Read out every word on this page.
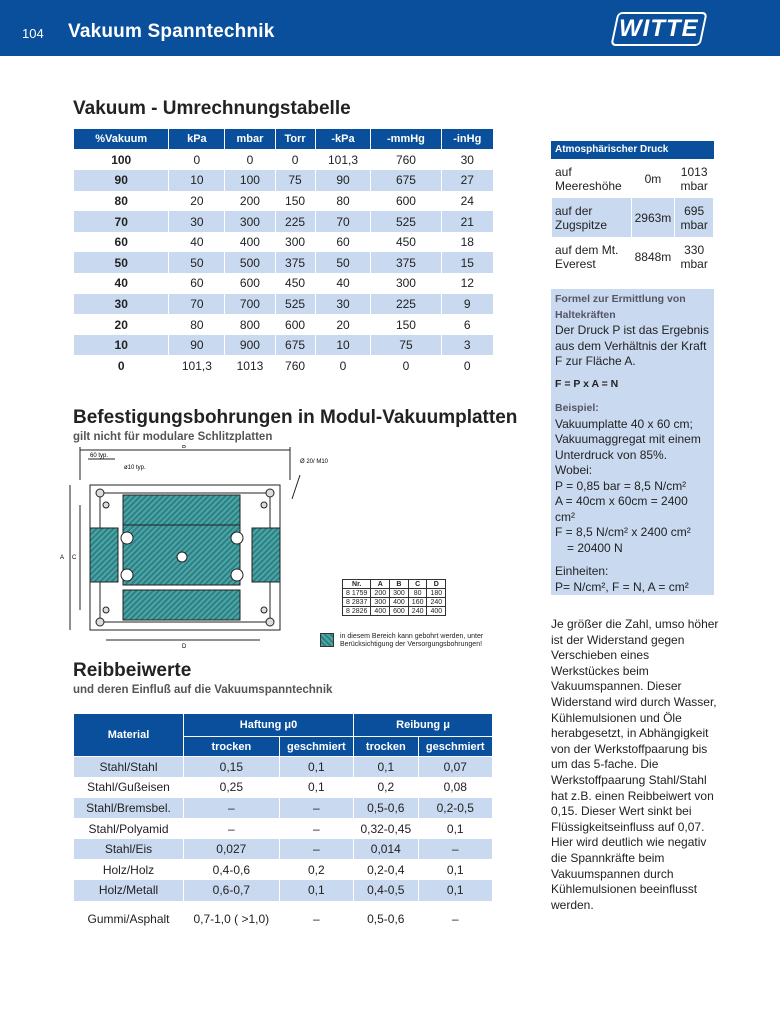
104 Vakuum Spanntechnik	WITTE
Vakuum - Umrechnungstabelle
%Vakuum	kPa	mbar	Torr	-kPa	-mmHg	-inHg
100	0	0	0	101,3	760	30
90	10	100	75	90	675	27
80	20	200	150	80	600	24
70	30	300	225	70	525	21
60	40	400	300	60	450	18
50	50	500	375	50	375	15
40	60	600	450	40	300	12
30	70	700	525	30	225	9
20	80	800	600	20	150	6
10	90	900	675	10	75	3
0	101,3	1013	760	0	0	0
Atmosphärischer Druck
auf Meereshöhe	0m	1013 mbar
auf der Zugspitze	2963m	695 mbar
auf dem Mt. Everest	8848m	330 mbar
Formel zur Ermittlung von Haltekräften
Der Druck P ist das Ergebnis aus dem Verhältnis der Kraft F zur Fläche A.
F = P x A = N
Beispiel:
Vakuumplatte 40 x 60 cm; Vakuumaggregat mit einem Unterdruck von 85%.
Wobei:
P = 0,85 bar = 8,5 N/cm²
A = 40cm x 60cm = 2400 cm²
F = 8,5 N/cm² x 2400 cm²
= 20400 N
Einheiten:
P= N/cm², F = N, A = cm²
Je größer die Zahl, umso höher ist der Widerstand gegen Verschieben eines Werkstückes beim Vakuumspannen. Dieser Widerstand wird durch Wasser, Kühlemulsionen und Öle herabgesetzt, in Abhängigkeit von der Werkstoffpaarung bis um das 5-fache. Die Werkstoffpaarung Stahl/Stahl hat z.B. einen Reibbeiwert von 0,15. Dieser Wert sinkt bei Flüssigkeitseinfluss auf 0,07. Hier wird deutlich wie negativ die Spannkräfte beim Vakuumspannen durch Kühlemulsionen beeinflusst werden.
Befestigungsbohrungen in Modul-Vakuumplatten
gilt nicht für modulare Schlitzplatten
60 typ.
ø10 typ.
Ø 20/ M10
B
A C
D
Nr.	A	B	C	D
8 1759	200	300	80	180
8 2837	300	400	160	240
8 2826	400	600	240	400
in diesem Bereich kann gebohrt werden, unter Berücksichtigung der Versorgungsbohrungen!
Reibbeiwerte
und deren Einfluß auf die Vakuumspanntechnik
Material	Haftung μ0		Reibung μ	
	trocken	geschmiert	trocken	geschmiert
Stahl/Stahl	0,15	0,1	0,1	0,07
Stahl/Gußeisen	0,25	0,1	0,2	0,08
Stahl/Bremsbel.	–	–	0,5-0,6	0,2-0,5
Stahl/Polyamid	–	–	0,32-0,45	0,1
Stahl/Eis	0,027	–	0,014	–
Holz/Holz	0,4-0,6	0,2	0,2-0,4	0,1
Holz/Metall	0,6-0,7	0,1	0,4-0,5	0,1
Gummi/Asphalt	0,7-1,0 ( >1,0)	–	0,5-0,6	–
